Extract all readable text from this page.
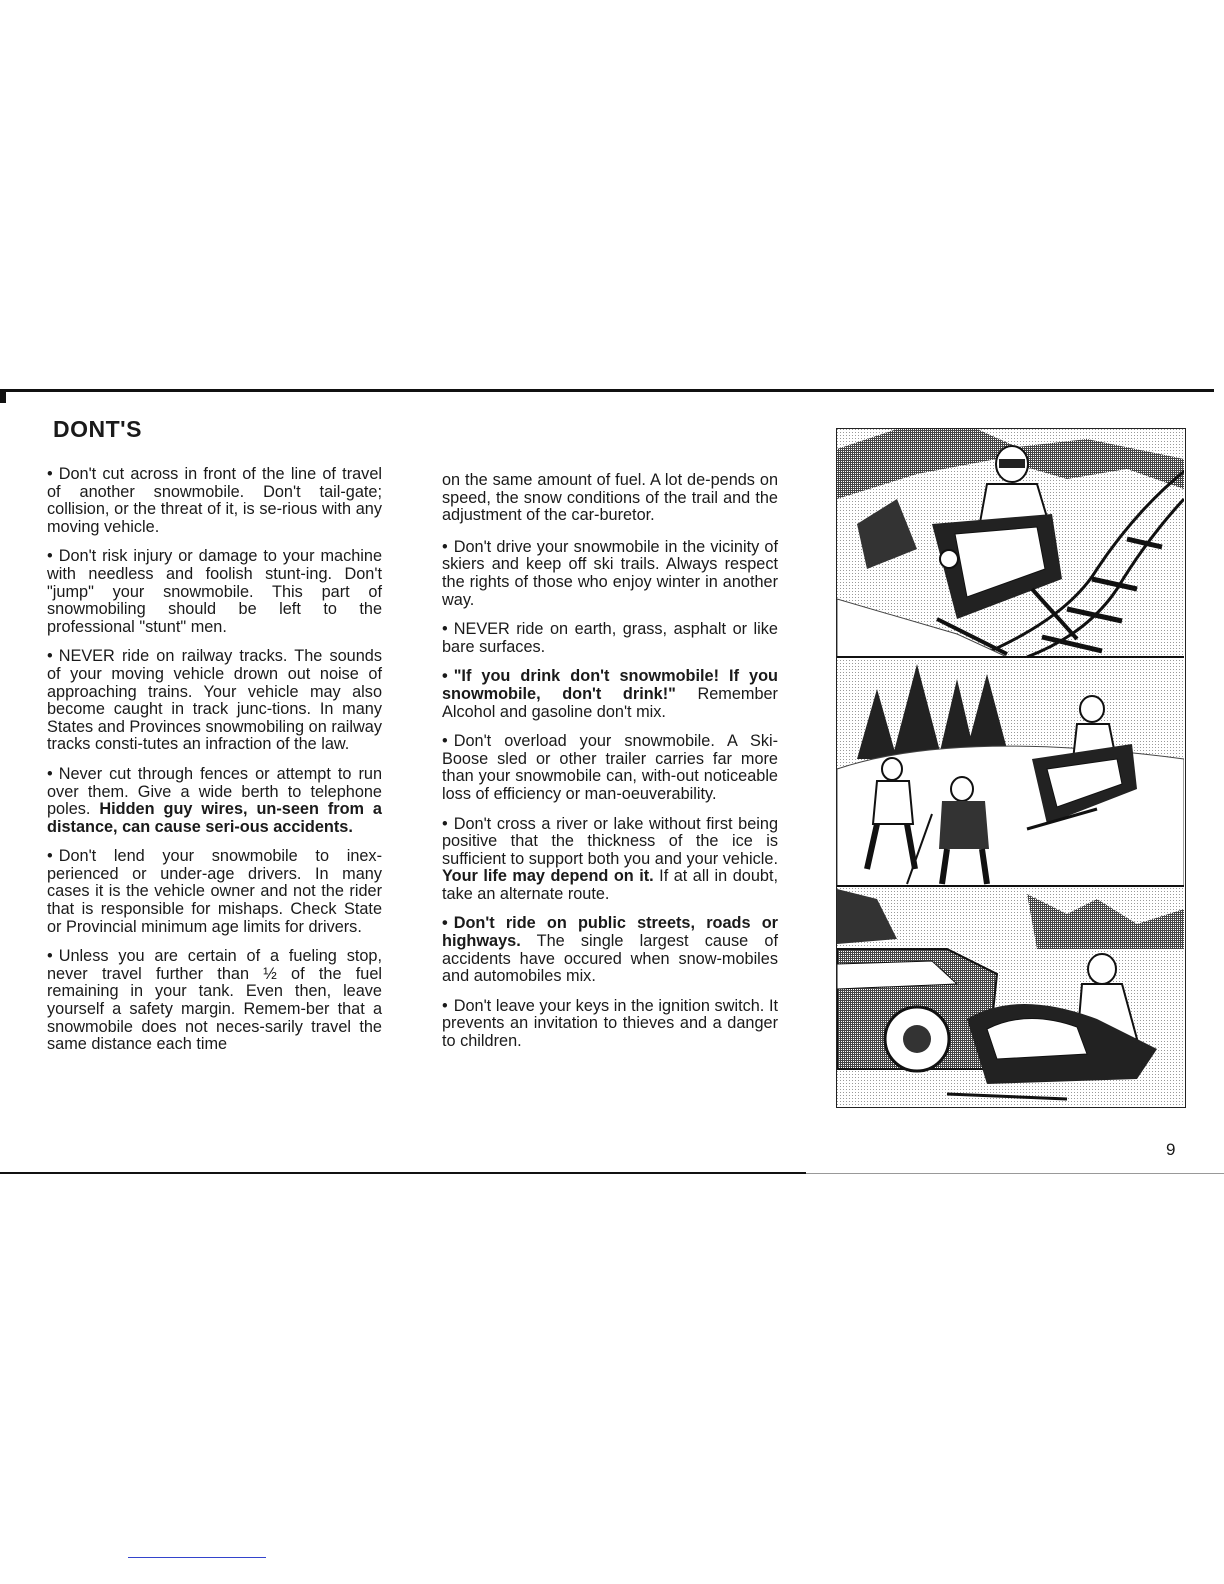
DONT'S

• Don't cut across in front of the line of travel of another snowmobile. Don't tail-gate; collision, or the threat of it, is se-rious with any moving vehicle.

• Don't risk injury or damage to your machine with needless and foolish stunt-ing. Don't "jump" your snowmobile. This part of snowmobiling should be left to the professional "stunt" men.

• NEVER ride on railway tracks. The sounds of your moving vehicle drown out noise of approaching trains. Your vehicle may also become caught in track junc-tions. In many States and Provinces snowmobiling on railway tracks consti-tutes an infraction of the law.

• Never cut through fences or attempt to run over them. Give a wide berth to telephone poles. Hidden guy wires, un-seen from a distance, can cause seri-ous accidents.

• Don't lend your snowmobile to inex-perienced or under-age drivers. In many cases it is the vehicle owner and not the rider that is responsible for mishaps. Check State or Provincial minimum age limits for drivers.

• Unless you are certain of a fueling stop, never travel further than ½ of the fuel remaining in your tank. Even then, leave yourself a safety margin. Remem-ber that a snowmobile does not neces-sarily travel the same distance each time

on the same amount of fuel. A lot de-pends on speed, the snow conditions of the trail and the adjustment of the car-buretor.

• Don't drive your snowmobile in the vicinity of skiers and keep off ski trails. Always respect the rights of those who enjoy winter in another way.

• NEVER ride on earth, grass, asphalt or like bare surfaces.

• "If you drink don't snowmobile! If you snowmobile, don't drink!" Remember Alcohol and gasoline don't mix.

• Don't overload your snowmobile. A Ski-Boose sled or other trailer carries far more than your snowmobile can, with-out noticeable loss of efficiency or man-oeuverability.

• Don't cross a river or lake without first being positive that the thickness of the ice is sufficient to support both you and your vehicle. Your life may depend on it. If at all in doubt, take an alternate route.

• Don't ride on public streets, roads or highways. The single largest cause of accidents have occured when snow-mobiles and automobiles mix.

• Don't leave your keys in the ignition switch. It prevents an invitation to thieves and a danger to children.

9
